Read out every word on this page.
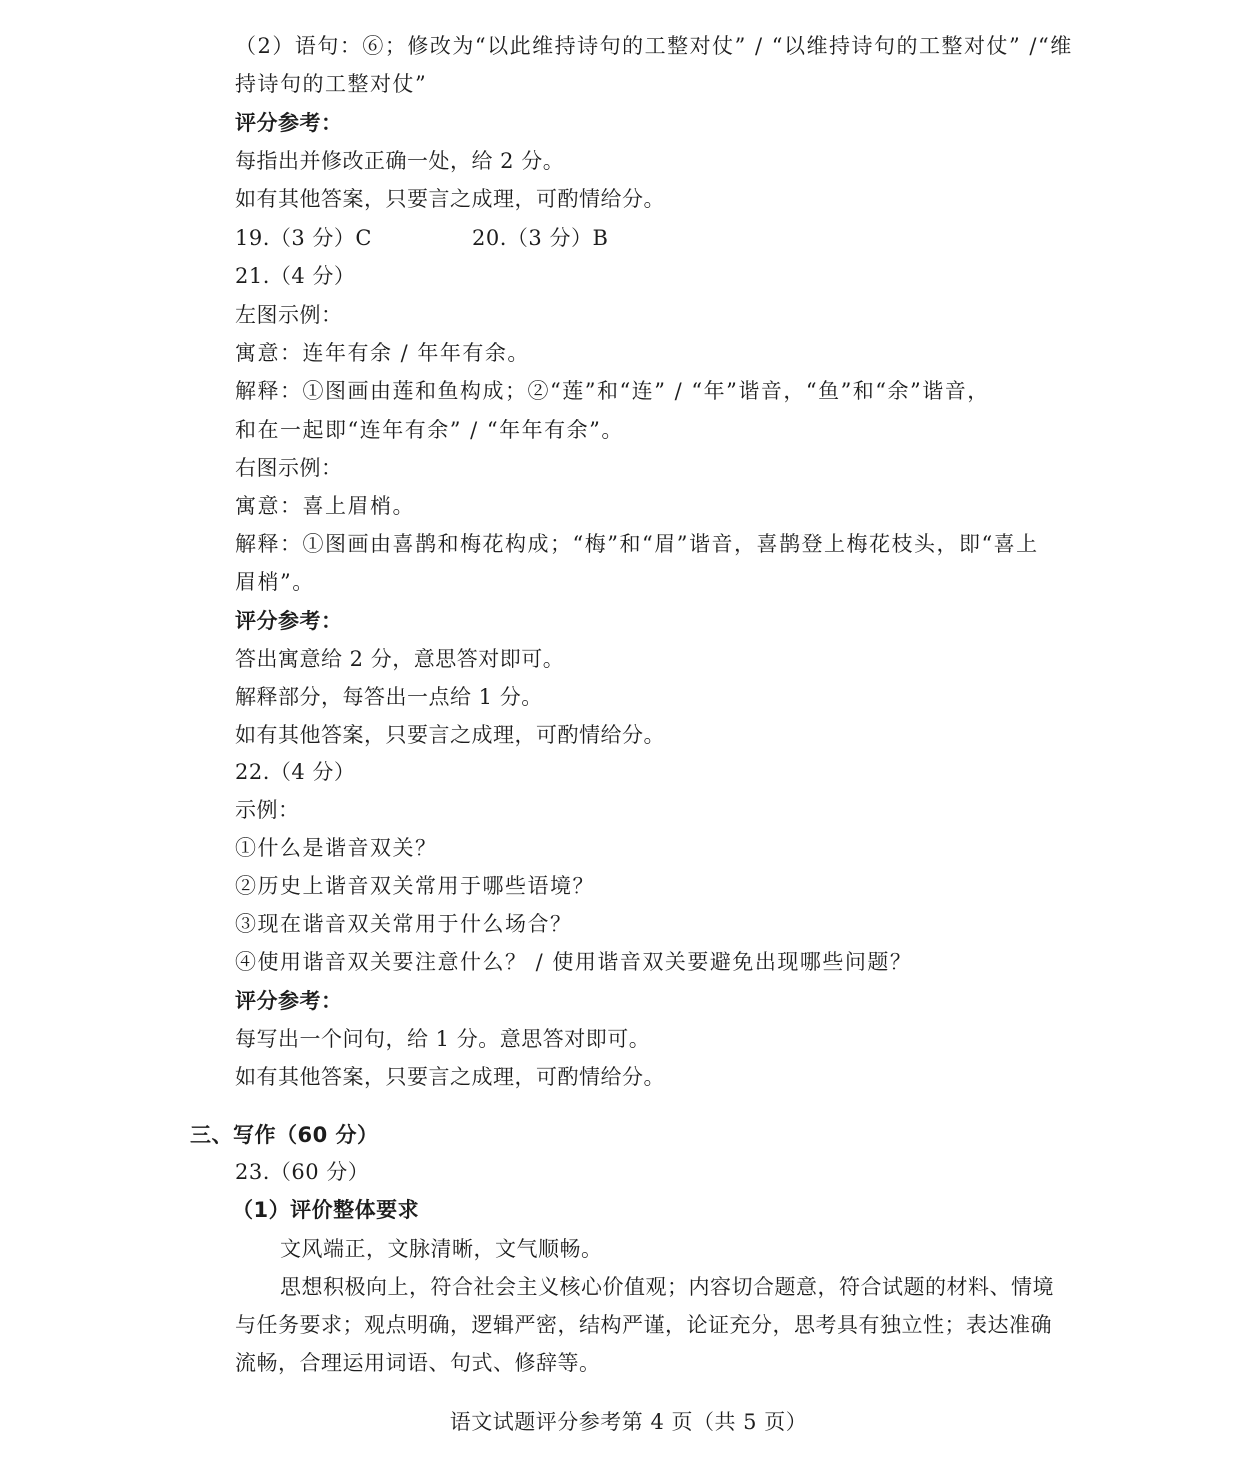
（2）语句：⑥；修改为“以此维持诗句的工整对仗” / “以维持诗句的工整对仗” /“维
持诗句的工整对仗”
评分参考：
每指出并修改正确一处，给 2 分。
如有其他答案，只要言之成理，可酌情给分。
19.（3 分）C	20.（3 分）B
21.（4 分）
左图示例：
寓意：连年有余 / 年年有余。
解释：①图画由莲和鱼构成；②“莲”和“连” / “年”谐音，“鱼”和“余”谐音，
和在一起即“连年有余” / “年年有余”。
右图示例：
寓意：喜上眉梢。
解释：①图画由喜鹊和梅花构成；“梅”和“眉”谐音，喜鹊登上梅花枝头，即“喜上
眉梢”。
评分参考：
答出寓意给 2 分，意思答对即可。
解释部分，每答出一点给 1 分。
如有其他答案，只要言之成理，可酌情给分。
22.（4 分）
示例：
①什么是谐音双关？
②历史上谐音双关常用于哪些语境？
③现在谐音双关常用于什么场合？
④使用谐音双关要注意什么？ / 使用谐音双关要避免出现哪些问题？
评分参考：
每写出一个问句，给 1 分。意思答对即可。
如有其他答案，只要言之成理，可酌情给分。
三、写作（60 分）
23.（60 分）
（1）评价整体要求
文风端正，文脉清晰，文气顺畅。
思想积极向上，符合社会主义核心价值观；内容切合题意，符合试题的材料、情境
与任务要求；观点明确，逻辑严密，结构严谨，论证充分，思考具有独立性；表达准确
流畅，合理运用词语、句式、修辞等。
语文试题评分参考第 4 页（共 5 页）
